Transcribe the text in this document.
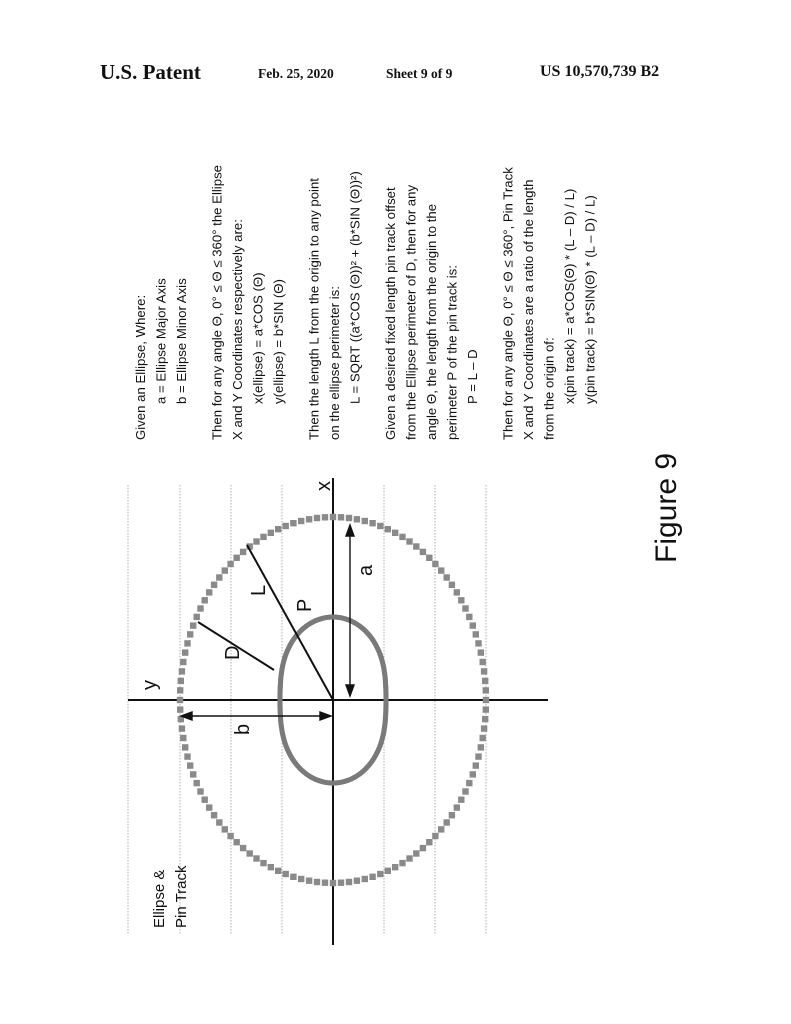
U.S. Patent	Feb. 25, 2020	Sheet 9 of 9	US 10,570,739 B2
x
y
a
b
L
D
P
Ellipse & Pin Track
Figure 9
Given an Ellipse, Where: a = Ellipse Major Axis b = Ellipse Minor Axis Then for any angle Θ, 0° ≤ Θ ≤ 360° the Ellipse X and Y Coordinates respectively are: x(ellipse) = a*COS (Θ) y(ellipse) = b*SIN (Θ) Then the length L from the origin to any point on the ellipse perimeter is: L = SQRT ((a*COS (Θ))² + (b*SIN (Θ))²) Given a desired fixed length pin track offset from the Ellipse perimeter of D, then for any angle Θ, the length from the origin to the perimeter P of the pin track is: P = L – D Then for any angle Θ, 0° ≤ Θ ≤ 360°, Pin Track X and Y Coordinates are a ratio of the length from the origin of: x(pin track) = a*COS(Θ) * (L – D) / L) y(pin track) = b*SIN(Θ) * (L – D) / L)
